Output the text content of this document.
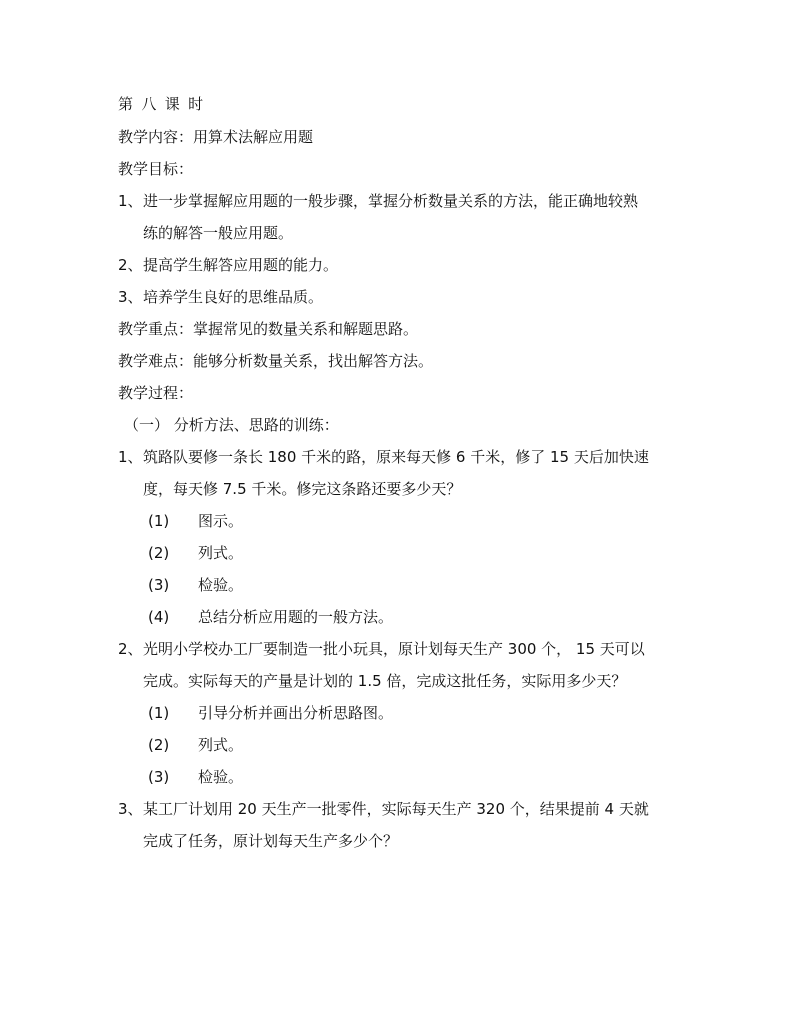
第 八 课 时
教学内容：用算术法解应用题
教学目标：
1、 进一步掌握解应用题的一般步骤，掌握分析数量关系的方法，能正确地较熟
练的解答一般应用题。
2、 提高学生解答应用题的能力。
3、 培养学生良好的思维品质。
教学重点：掌握常见的数量关系和解题思路。
教学难点：能够分析数量关系，找出解答方法。
教学过程：
（一） 分析方法、思路的训练：
1、 筑路队要修一条长 180 千米的路，原来每天修 6 千米，修了 15 天后加快速
度，每天修 7.5 千米。修完这条路还要多少天？
(1) 图示。
(2) 列式。
(3) 检验。
(4) 总结分析应用题的一般方法。
2、 光明小学校办工厂要制造一批小玩具，原计划每天生产 300 个， 15 天可以
完成。实际每天的产量是计划的 1.5 倍，完成这批任务，实际用多少天？
(1) 引导分析并画出分析思路图。
(2) 列式。
(3) 检验。
3、 某工厂计划用 20 天生产一批零件，实际每天生产 320 个，结果提前 4 天就
完成了任务，原计划每天生产多少个？
